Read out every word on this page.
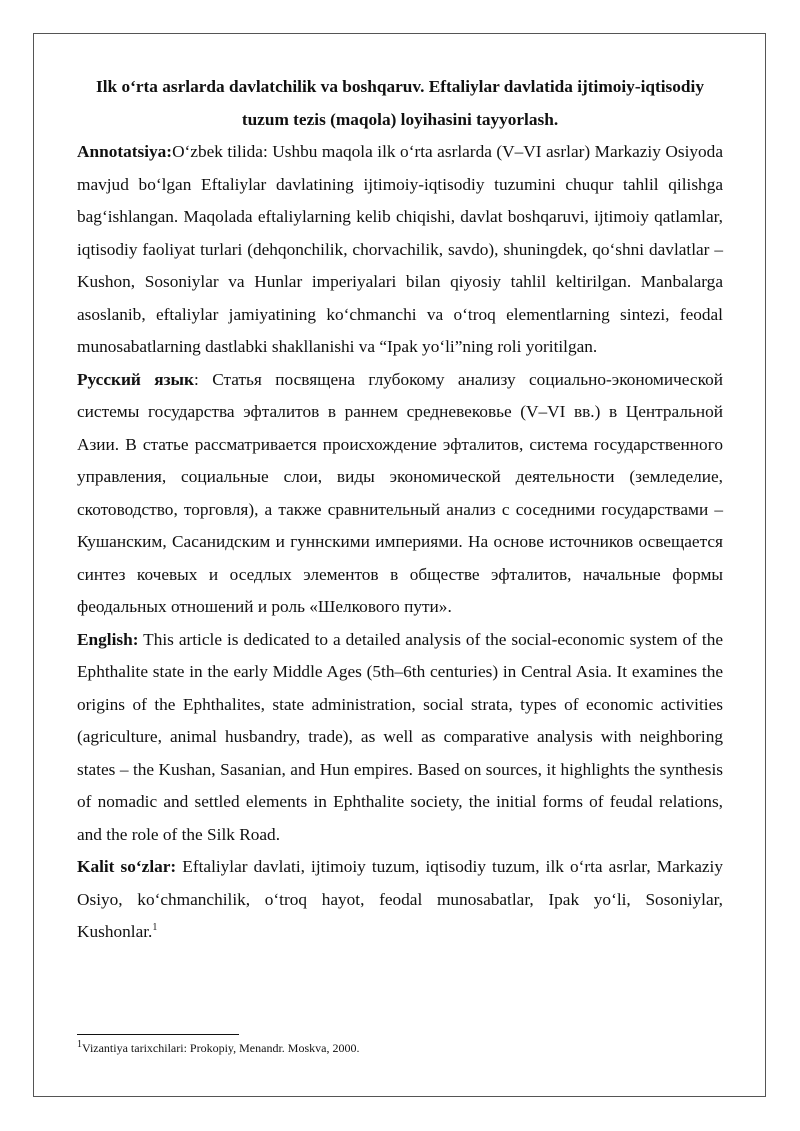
Ilk o‘rta asrlarda davlatchilik va boshqaruv. Eftaliylar davlatida ijtimoiy-iqtisodiy tuzum tezis (maqola) loyihasini tayyorlash.

Annotatsiya:O‘zbek tilida: Ushbu maqola ilk o‘rta asrlarda (V–VI asrlar) Markaziy Osiyoda mavjud bo‘lgan Eftaliylar davlatining ijtimoiy-iqtisodiy tuzumini chuqur tahlil qilishga bag‘ishlangan. Maqolada eftaliylarning kelib chiqishi, davlat boshqaruvi, ijtimoiy qatlamlar, iqtisodiy faoliyat turlari (dehqonchilik, chorvachilik, savdo), shuningdek, qo‘shni davlatlar – Kushon, Sosoniylar va Hunlar imperiyalari bilan qiyosiy tahlil keltirilgan. Manbalarga asoslanib, eftaliylar jamiyatining ko‘chmanchi va o‘troq elementlarning sintezi, feodal munosabatlarning dastlabki shakllanishi va “Ipak yo‘li”ning roli yoritilgan.

Русский язык: Статья посвящена глубокому анализу социально-экономической системы государства эфталитов в раннем средневековье (V–VI вв.) в Центральной Азии. В статье рассматривается происхождение эфталитов, система государственного управления, социальные слои, виды экономической деятельности (земледелие, скотоводство, торговля), а также сравнительный анализ с соседними государствами – Кушанским, Сасанидским и гуннскими империями. На основе источников освещается синтез кочевых и оседлых элементов в обществе эфталитов, начальные формы феодальных отношений и роль «Шелкового пути».

English: This article is dedicated to a detailed analysis of the social-economic system of the Ephthalite state in the early Middle Ages (5th–6th centuries) in Central Asia. It examines the origins of the Ephthalites, state administration, social strata, types of economic activities (agriculture, animal husbandry, trade), as well as comparative analysis with neighboring states – the Kushan, Sasanian, and Hun empires. Based on sources, it highlights the synthesis of nomadic and settled elements in Ephthalite society, the initial forms of feudal relations, and the role of the Silk Road.

Kalit so‘zlar: Eftaliylar davlati, ijtimoiy tuzum, iqtisodiy tuzum, ilk o‘rta asrlar, Markaziy Osiyo, ko‘chmanchilik, o‘troq hayot, feodal munosabatlar, Ipak yo‘li, Sosoniylar, Kushonlar.$^1$

$^1$Vizantiya tarixchilari: Prokopiy, Menandr. Moskva, 2000.
